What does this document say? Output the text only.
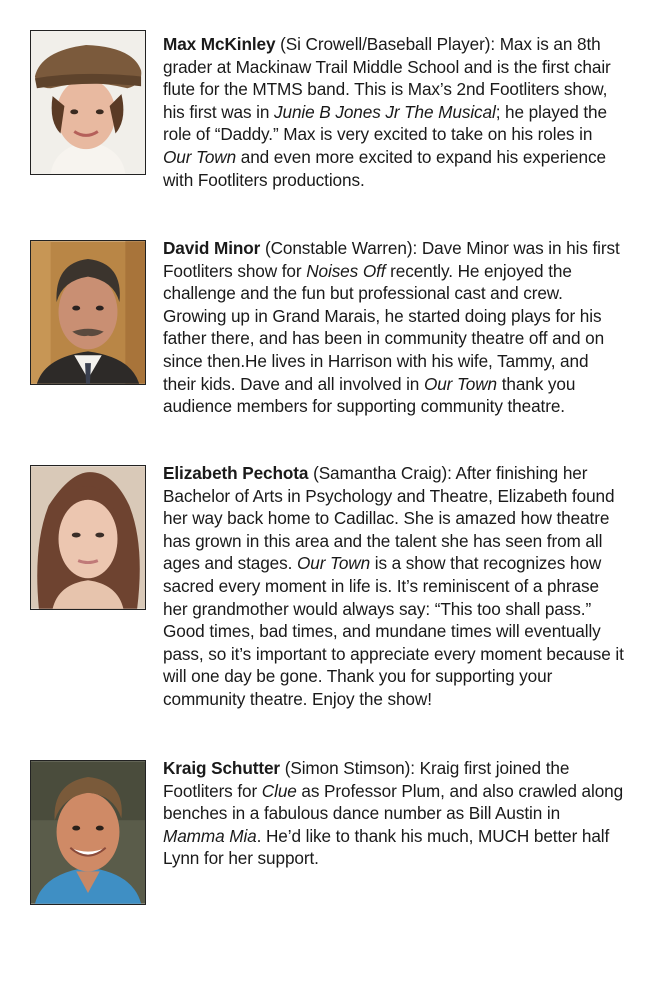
Max McKinley (Si Crowell/Baseball Player): Max is an 8th grader at Mackinaw Trail Middle School and is the first chair flute for the MTMS band. This is Max’s 2nd Footliters show, his first was in Junie B Jones Jr The Musical; he played the role of “Daddy.” Max is very excited to take on his roles in Our Town and even more excited to expand his experience with Footliters productions.

David Minor (Constable Warren): Dave Minor was in his first Footliters show for Noises Off recently. He enjoyed the challenge and the fun but professional cast and crew. Growing up in Grand Marais, he started doing plays for his father there, and has been in community theatre off and on since then.He lives in Harrison with his wife, Tammy, and their kids. Dave and all involved in Our Town thank you audience members for supporting community theatre.

Elizabeth Pechota (Samantha Craig): After finishing her Bachelor of Arts in Psychology and Theatre, Elizabeth found her way back home to Cadillac. She is amazed how theatre has grown in this area and the talent she has seen from all ages and stages. Our Town is a show that recognizes how sacred every moment in life is. It’s reminiscent of a phrase her grandmother would always say: “This too shall pass.” Good times, bad times, and mundane times will eventually pass, so it’s important to appreciate every moment because it will one day be gone. Thank you for supporting your community theatre. Enjoy the show!

Kraig Schutter (Simon Stimson): Kraig first joined the Footliters for Clue as Professor Plum, and also crawled along benches in a fabulous dance number as Bill Austin in Mamma Mia. He’d like to thank his much, MUCH better half Lynn for her support.
